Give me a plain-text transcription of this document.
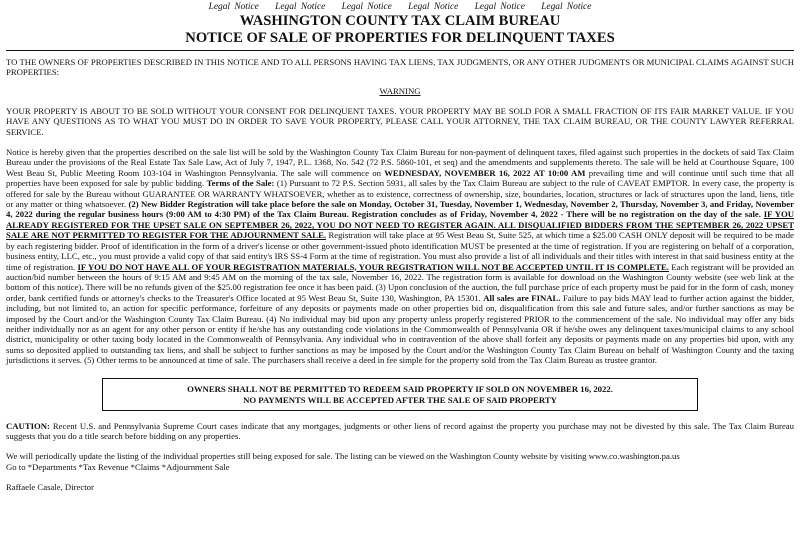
Legal Notice Legal Notice Legal Notice Legal Notice Legal Notice Legal Notice
WASHINGTON COUNTY TAX CLAIM BUREAU
NOTICE OF SALE OF PROPERTIES FOR DELINQUENT TAXES

TO THE OWNERS OF PROPERTIES DESCRIBED IN THIS NOTICE AND TO ALL PERSONS HAVING TAX LIENS, TAX JUDGMENTS, OR ANY OTHER JUDGMENTS OR MUNICIPAL CLAIMS AGAINST SUCH PROPERTIES:

WARNING

YOUR PROPERTY IS ABOUT TO BE SOLD WITHOUT YOUR CONSENT FOR DELINQUENT TAXES. YOUR PROPERTY MAY BE SOLD FOR A SMALL FRACTION OF ITS FAIR MARKET VALUE. IF YOU HAVE ANY QUESTIONS AS TO WHAT YOU MUST DO IN ORDER TO SAVE YOUR PROPERTY, PLEASE CALL YOUR ATTORNEY, THE TAX CLAIM BUREAU, OR THE COUNTY LAWYER REFERRAL SERVICE.

Notice is hereby given that the properties described on the sale list will be sold by the Washington County Tax Claim Bureau for non-payment of delinquent taxes, filed against such properties in the dockets of said Tax Claim Bureau under the provisions of the Real Estate Tax Sale Law, Act of July 7, 1947, P.L. 1368, No. 542 (72 P.S. 5860-101, et seq) and the amendments and supplements thereto. The sale will be held at Courthouse Square, 100 West Beau St, Public Meeting Room 103-104 in Washington Pennsylvania. The sale will commence on WEDNESDAY, NOVEMBER 16, 2022 AT 10:00 AM prevailing time and will continue until such time that all properties have been exposed for sale by public bidding. Terms of the Sale: (1) Pursuant to 72 P.S. Section 5931, all sales by the Tax Claim Bureau are subject to the rule of CAVEAT EMPTOR. In every case, the property is offered for sale by the Bureau without GUARANTEE OR WARRANTY WHATSOEVER, whether as to existence, correctness of ownership, size, boundaries, location, structures or lack of structures upon the land, liens, title or any matter or thing whatsoever. (2) New Bidder Registration will take place before the sale on Monday, October 31, Tuesday, November 1, Wednesday, November 2, Thursday, November 3, and Friday, November 4, 2022 during the regular business hours (9:00 AM to 4:30 PM) of the Tax Claim Bureau. Registration concludes as of Friday, November 4, 2022 - There will be no registration on the day of the sale. IF YOU ALREADY REGISTERED FOR THE UPSET SALE ON SEPTEMBER 26, 2022, YOU DO NOT NEED TO REGISTER AGAIN. ALL DISQUALIFIED BIDDERS FROM THE SEPTEMBER 26, 2022 UPSET SALE ARE NOT PERMITTED TO REGISTER FOR THE ADJOURNMENT SALE. Registration will take place at 95 West Beau St, Suite 525, at which time a $25.00 CASH ONLY deposit will be required to be made by each registering bidder. Proof of identification in the form of a driver's license or other government-issued photo identification MUST be presented at the time of registration. If you are registering on behalf of a corporation, business entity, LLC, etc., you must provide a valid copy of that said entity's IRS SS-4 Form at the time of registration. You must also provide a list of all individuals and their titles with interest in that said business entity at the time of registration. IF YOU DO NOT HAVE ALL OF YOUR REGISTRATION MATERIALS, YOUR REGISTRATION WILL NOT BE ACCEPTED UNTIL IT IS COMPLETE. Each registrant will be provided an auction/bid number between the hours of 9:15 AM and 9:45 AM on the morning of the tax sale, November 16, 2022. The registration form is available for download on the Washington County website (see web link at the bottom of this notice). There will be no refunds given of the $25.00 registration fee once it has been paid. (3) Upon conclusion of the auction, the full purchase price of each property must be paid for in the form of cash, money order, bank certified funds or attorney's checks to the Treasurer's Office located at 95 West Beau St, Suite 130, Washington, PA 15301. All sales are FINAL. Failure to pay bids MAY lead to further action against the bidder, including, but not limited to, an action for specific performance, forfeiture of any deposits or payments made on other properties bid on, disqualification from this sale and future sales, and/or further sanctions as may be imposed by the Court and/or the Washington County Tax Claim Bureau. (4) No individual may bid upon any property unless properly registered PRIOR to the commencement of the sale. No individual may offer any bids neither individually nor as an agent for any other person or entity if he/she has any outstanding code violations in the Commonwealth of Pennsylvania OR if he/she owes any delinquent taxes/municipal claims to any school district, municipality or other taxing body located in the Commonwealth of Pennsylvania. Any individual who in contravention of the above shall forfeit any deposits or payments made on any properties bid upon, with any sums so deposited applied to outstanding tax liens, and shall be subject to further sanctions as may be imposed by the Court and/or the Washington County Tax Claim Bureau on behalf of Washington County and the taxing jurisdictions it serves. (5) Other terms to be announced at time of sale. The purchasers shall receive a deed in fee simple for the property sold from the Tax Claim Bureau as trustee grantor.

OWNERS SHALL NOT BE PERMITTED TO REDEEM SAID PROPERTY IF SOLD ON NOVEMBER 16, 2022.
NO PAYMENTS WILL BE ACCEPTED AFTER THE SALE OF SAID PROPERTY

CAUTION: Recent U.S. and Pennsylvania Supreme Court cases indicate that any mortgages, judgments or other liens of record against the property you purchase may not be divested by this sale. The Tax Claim Bureau suggests that you do a title search before bidding on any properties.

We will periodically update the listing of the individual properties still being exposed for sale. The listing can be viewed on the Washington County website by visiting www.co.washington.pa.us
Go to *Departments *Tax Revenue *Claims *Adjournment Sale

Raffaele Casale, Director
